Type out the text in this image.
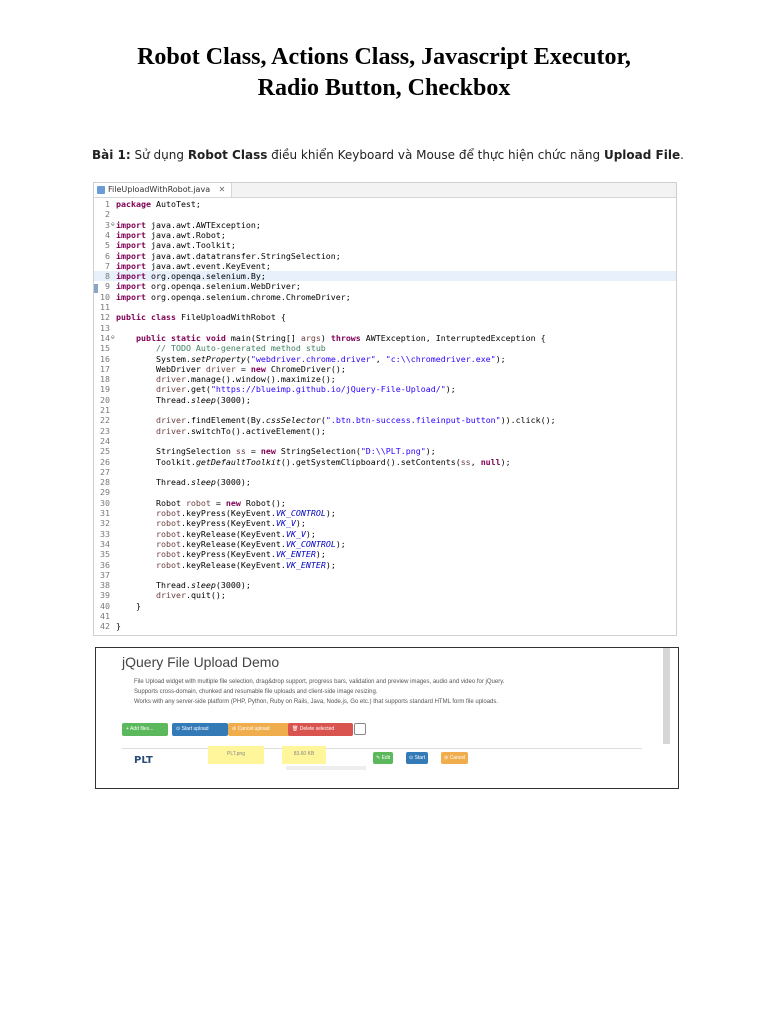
Robot Class, Actions Class, Javascript Executor,
Radio Button, Checkbox
Bài 1: Sử dụng Robot Class điều khiển Keyboard và Mouse để thực hiện chức năng Upload File.
FileUploadWithRobot.java ✕
1 package AutoTest;
2
3 ⊖ import java.awt.AWTException;
4 import java.awt.Robot;
5 import java.awt.Toolkit;
6 import java.awt.datatransfer.StringSelection;
7 import java.awt.event.KeyEvent;
8 import org.openqa.selenium.By;
9 import org.openqa.selenium.WebDriver;
10 import org.openqa.selenium.chrome.ChromeDriver;
11
12 public class FileUploadWithRobot {
13
14 ⊖	public static void main(String[] args) throws AWTException, InterruptedException {
15	// TODO Auto-generated method stub
16 System.setProperty("webdriver.chrome.driver", "c:\\chromedriver.exe");
17 WebDriver driver = new ChromeDriver();
18	driver.manage().window().maximize();
19	driver.get("https://blueimp.github.io/jQuery-File-Upload/");
20 Thread.sleep(3000);
21
22	driver.findElement(By.cssSelector(".btn.btn-success.fileinput-button")).click();
23	driver.switchTo().activeElement();
24
25 StringSelection ss = new StringSelection("D:\\PLT.png");
26 Toolkit.getDefaultToolkit().getSystemClipboard().setContents(ss, null);
27
28 Thread.sleep(3000);
29
30 Robot robot = new Robot();
31	robot.keyPress(KeyEvent.VK_CONTROL);
32	robot.keyPress(KeyEvent.VK_V);
33	robot.keyRelease(KeyEvent.VK_V);
34	robot.keyRelease(KeyEvent.VK_CONTROL);
35	robot.keyPress(KeyEvent.VK_ENTER);
36	robot.keyRelease(KeyEvent.VK_ENTER);
37
38 Thread.sleep(3000);
39	driver.quit();
40 }
41
42 }
jQuery File Upload Demo
File Upload widget with multiple file selection, drag&drop support, progress bars, validation and preview images, audio and video for jQuery.
Supports cross-domain, chunked and resumable file uploads and client-side image resizing.
Works with any server-side platform (PHP, Python, Ruby on Rails, Java, Node.js, Go etc.) that supports standard HTML form file uploads.
+ Add files...	⊙ Start upload	⊘ Cancel upload	🗑 Delete selected
PLT
PLT.png	83.60 KB
✎ Edit	⊙ Start	⊘ Cancel
